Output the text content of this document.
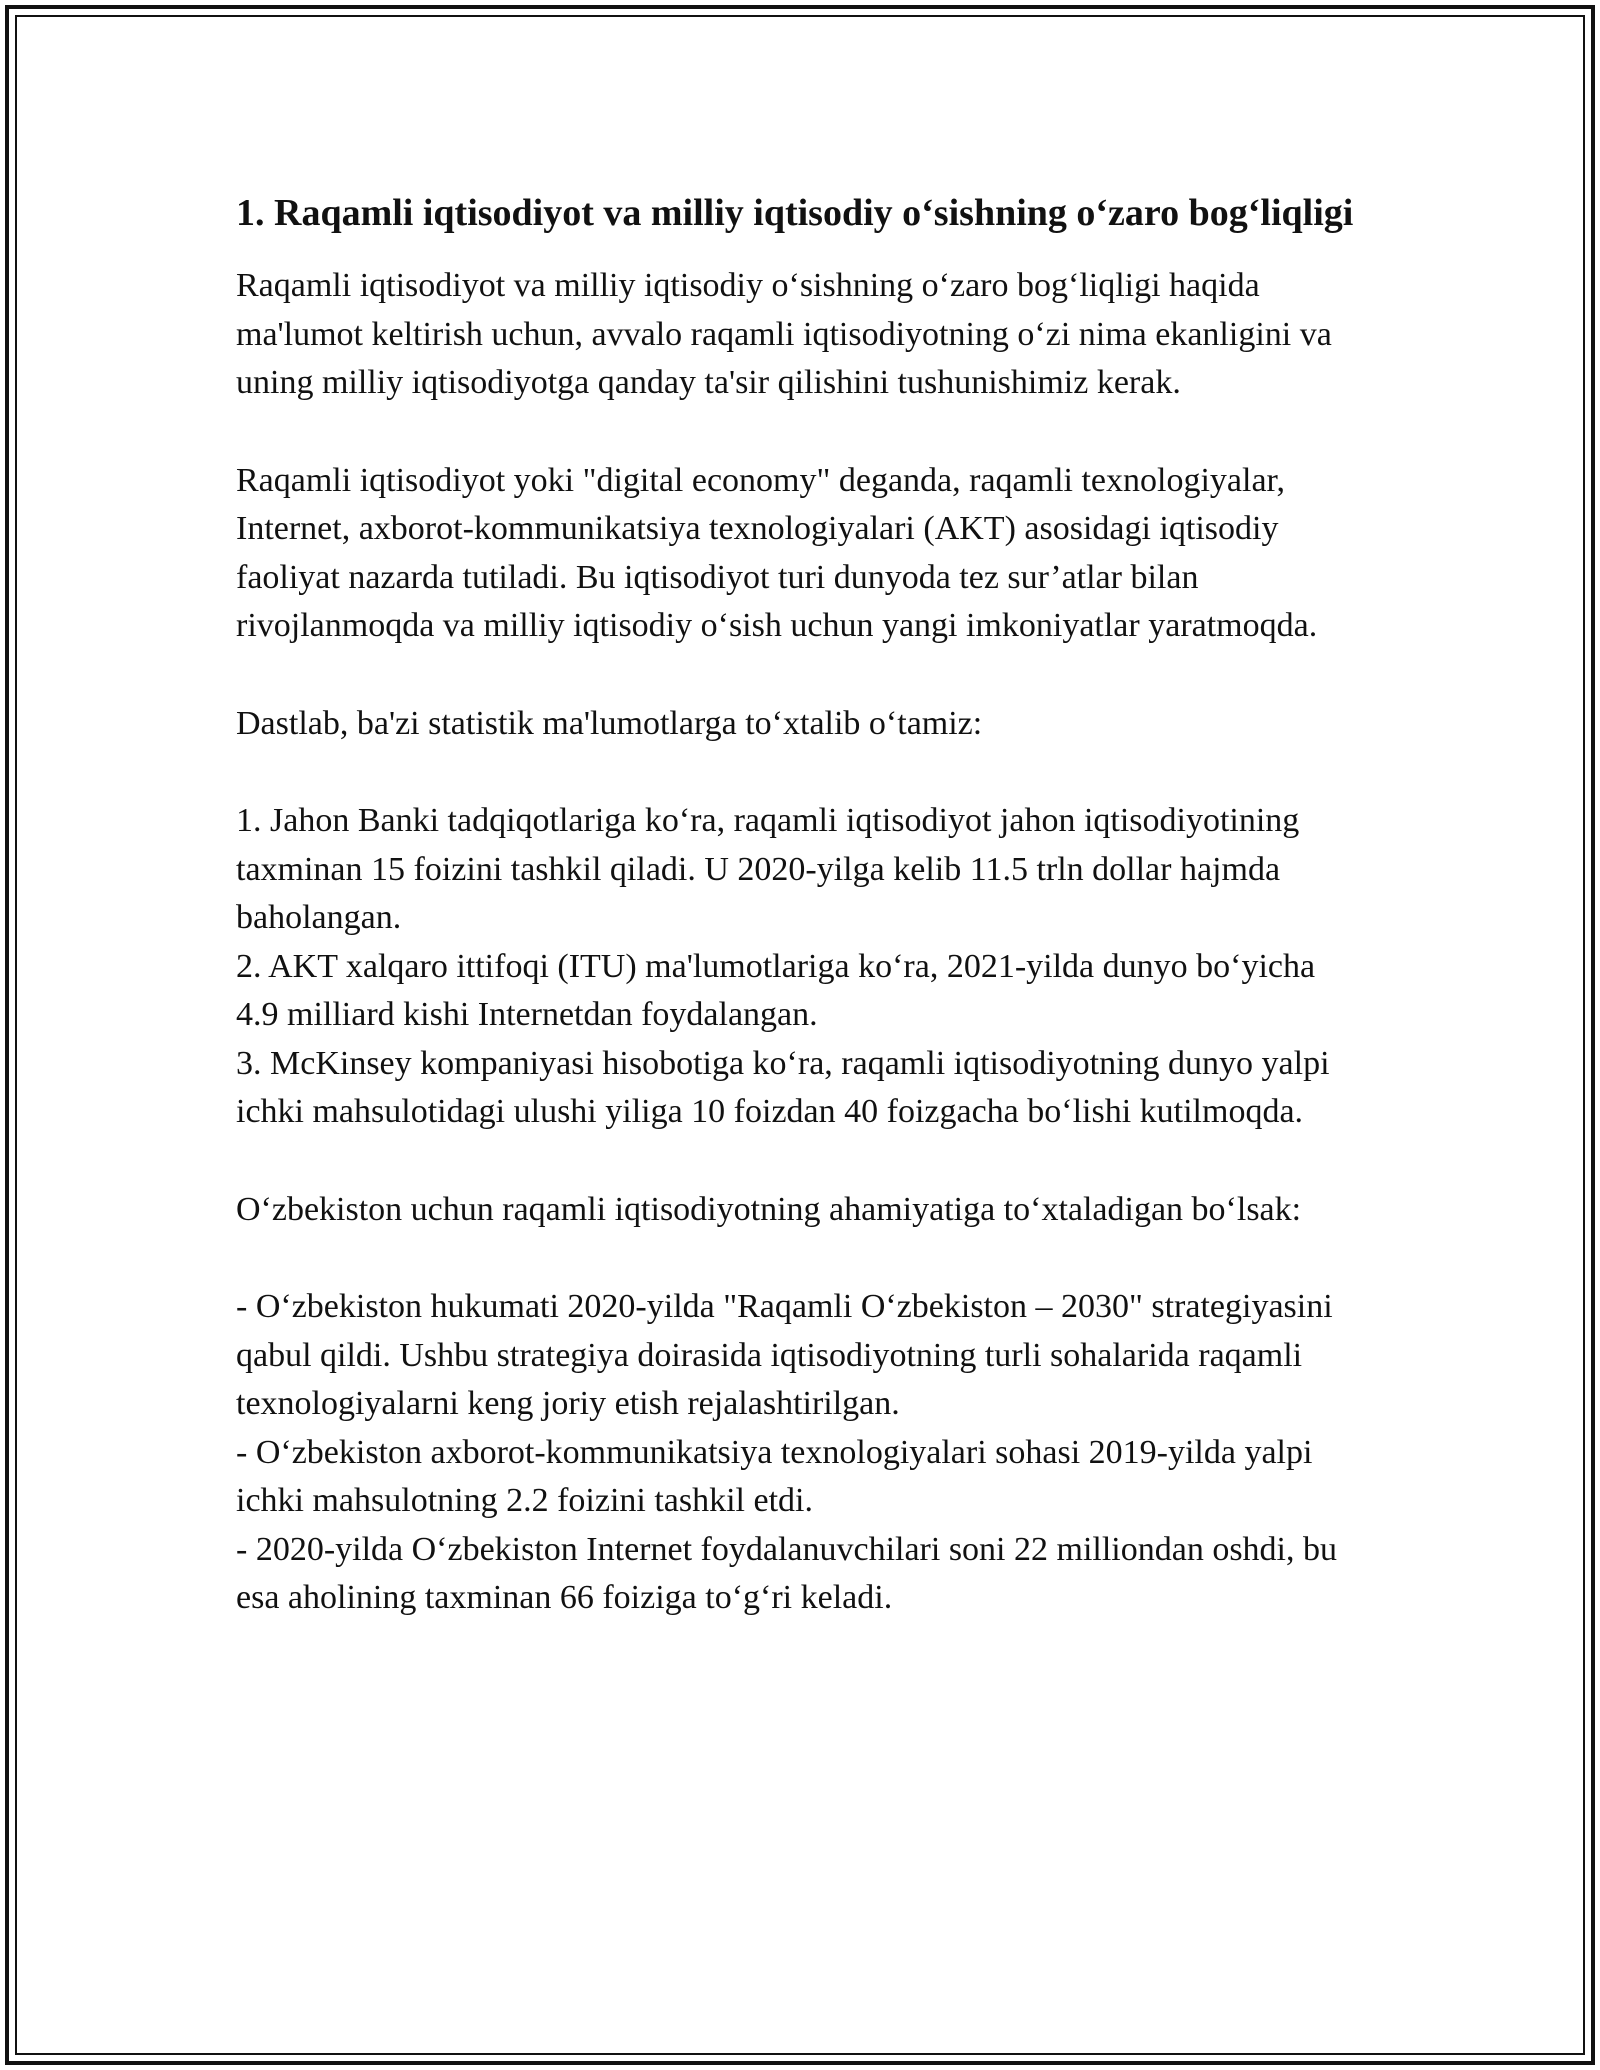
1. Raqamli iqtisodiyot va milliy iqtisodiy o‘sishning o‘zaro bog‘liqligi

Raqamli iqtisodiyot va milliy iqtisodiy o‘sishning o‘zaro bog‘liqligi haqida ma'lumot keltirish uchun, avvalo raqamli iqtisodiyotning o‘zi nima ekanligini va uning milliy iqtisodiyotga qanday ta'sir qilishini tushunishimiz kerak.

Raqamli iqtisodiyot yoki "digital economy" deganda, raqamli texnologiyalar, Internet, axborot-kommunikatsiya texnologiyalari (AKT) asosidagi iqtisodiy faoliyat nazarda tutiladi. Bu iqtisodiyot turi dunyoda tez sur’atlar bilan rivojlanmoqda va milliy iqtisodiy o‘sish uchun yangi imkoniyatlar yaratmoqda.

Dastlab, ba'zi statistik ma'lumotlarga to‘xtalib o‘tamiz:

1. Jahon Banki tadqiqotlariga ko‘ra, raqamli iqtisodiyot jahon iqtisodiyotining taxminan 15 foizini tashkil qiladi. U 2020-yilga kelib 11.5 trln dollar hajmda baholangan.

2. AKT xalqaro ittifoqi (ITU) ma'lumotlariga ko‘ra, 2021-yilda dunyo bo‘yicha 4.9 milliard kishi Internetdan foydalangan.

3. McKinsey kompaniyasi hisobotiga ko‘ra, raqamli iqtisodiyotning dunyo yalpi ichki mahsulotidagi ulushi yiliga 10 foizdan 40 foizgacha bo‘lishi kutilmoqda.

O‘zbekiston uchun raqamli iqtisodiyotning ahamiyatiga to‘xtaladigan bo‘lsak:

- O‘zbekiston hukumati 2020-yilda "Raqamli O‘zbekiston – 2030" strategiyasini qabul qildi. Ushbu strategiya doirasida iqtisodiyotning turli sohalarida raqamli texnologiyalarni keng joriy etish rejalashtirilgan.

- O‘zbekiston axborot-kommunikatsiya texnologiyalari sohasi 2019-yilda yalpi ichki mahsulotning 2.2 foizini tashkil etdi.

- 2020-yilda O‘zbekiston Internet foydalanuvchilari soni 22 milliondan oshdi, bu esa aholining taxminan 66 foiziga to‘g‘ri keladi.
